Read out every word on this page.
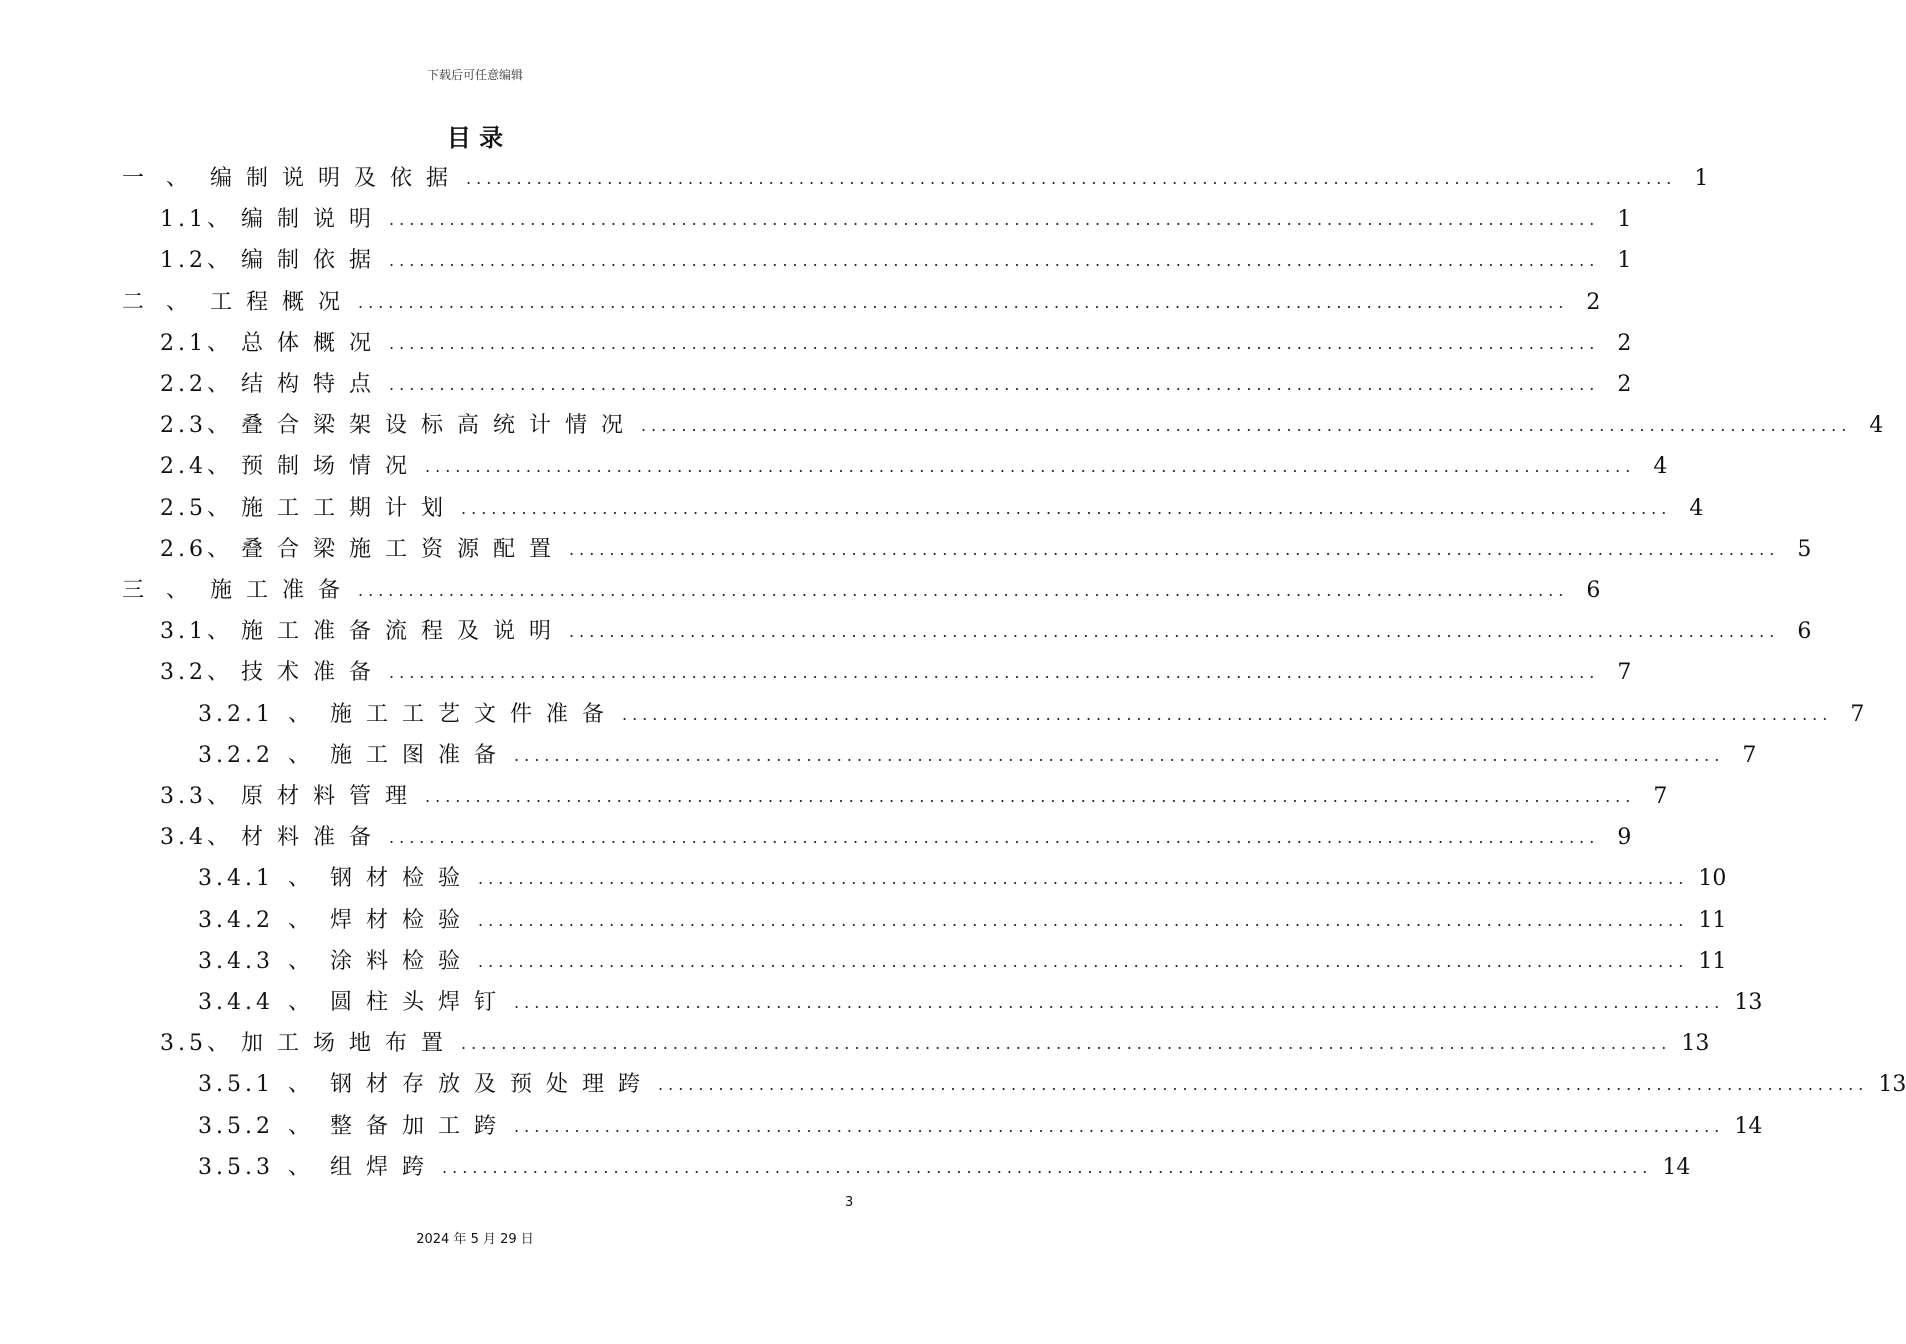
下载后可任意编辑
目 录
一 、 编制说明及依据 ........................................................................................................................ 1
1.1 、 编制说明 ........................................................................................................................ 1
1.2 、 编制依据 ........................................................................................................................ 1
二 、 工程概况 ........................................................................................................................ 2
2.1 、 总体概况 ........................................................................................................................ 2
2.2 、 结构特点 ........................................................................................................................ 2
2.3 、 叠合梁架设标高统计情况 ........................................................................................................................ 4
2.4 、 预制场情况 ........................................................................................................................ 4
2.5 、 施工工期计划 ........................................................................................................................ 4
2.6 、 叠合梁施工资源配置 ........................................................................................................................ 5
三 、 施工准备 ........................................................................................................................ 6
3.1 、 施工准备流程及说明 ........................................................................................................................ 6
3.2 、 技术准备 ........................................................................................................................ 7
3.2.1 、 施工工艺文件准备 ........................................................................................................................ 7
3.2.2 、 施工图准备 ........................................................................................................................ 7
3.3 、 原材料管理 ........................................................................................................................ 7
3.4 、 材料准备 ........................................................................................................................ 9
3.4.1 、 钢材检验 ........................................................................................................................ 10
3.4.2 、 焊材检验 ........................................................................................................................ 11
3.4.3 、 涂料检验 ........................................................................................................................ 11
3.4.4 、 圆柱头焊钉 ........................................................................................................................ 13
3.5 、 加工场地布置 ........................................................................................................................ 13
3.5.1 、 钢材存放及预处理跨 ........................................................................................................................ 13
3.5.2 、 整备加工跨 ........................................................................................................................ 14
3.5.3 、 组焊跨 ........................................................................................................................ 14
3
2024 年 5 月 29 日
